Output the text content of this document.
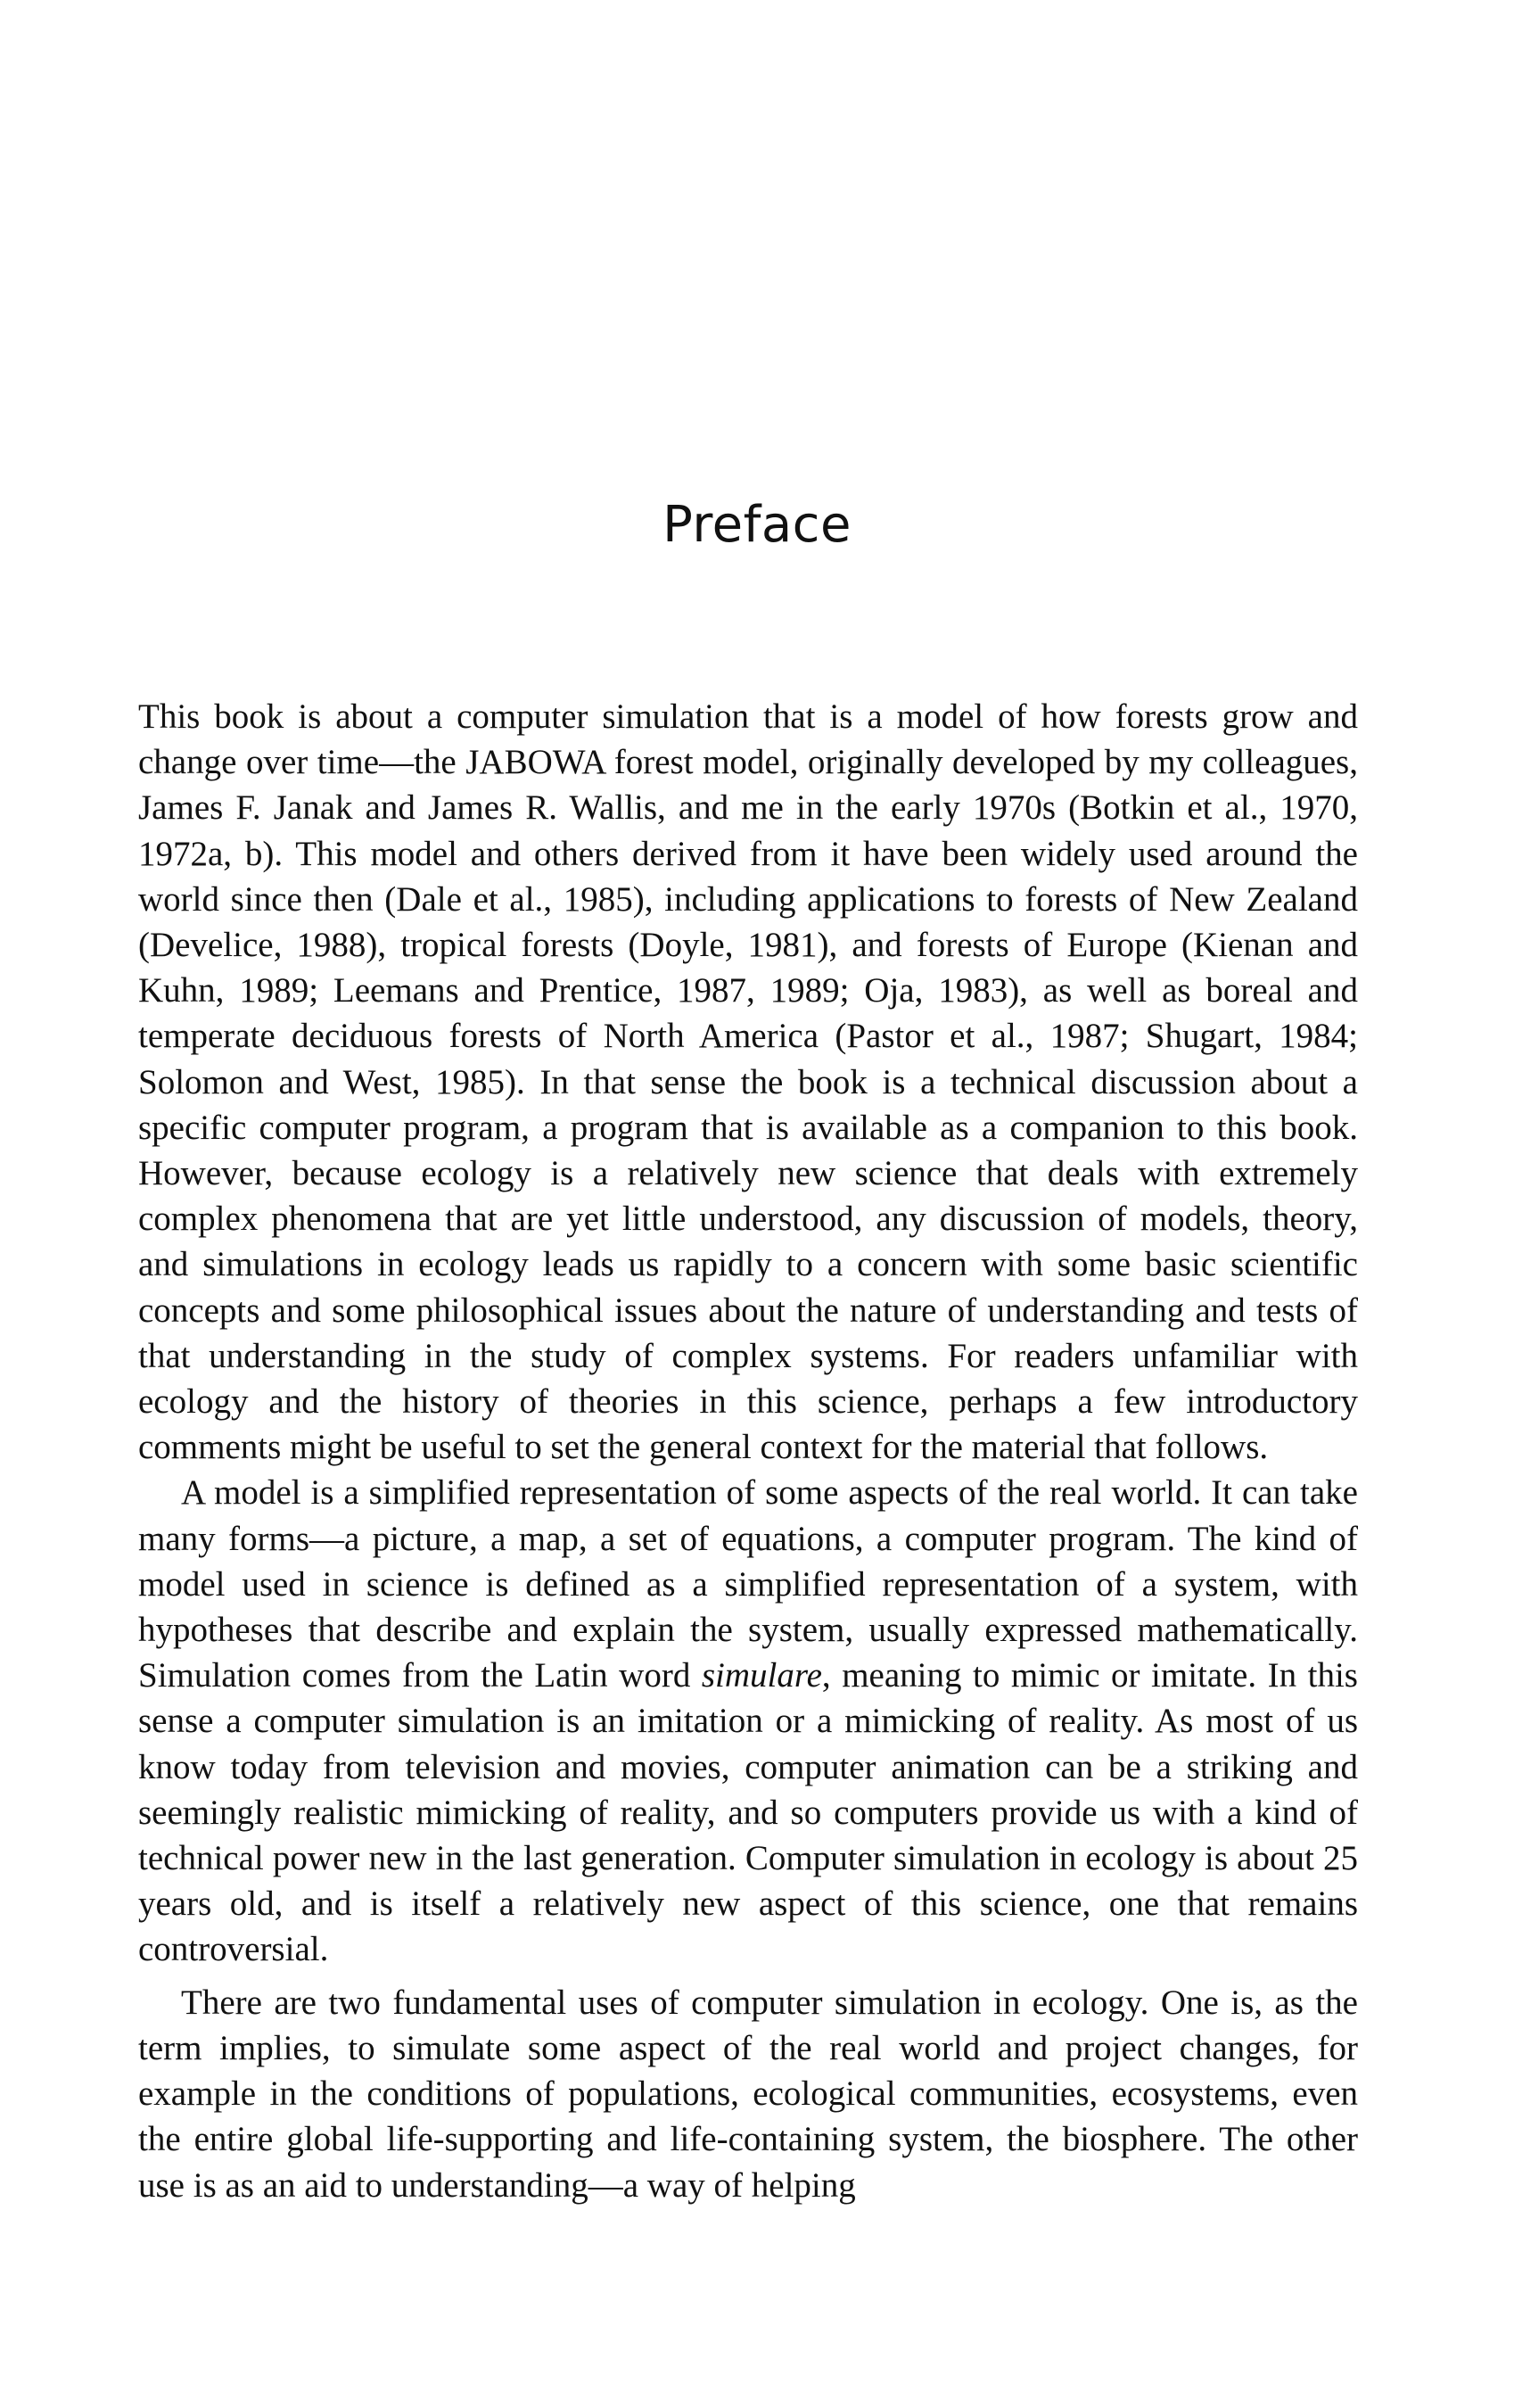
Preface

This book is about a computer simulation that is a model of how forests grow and change over time—the JABOWA forest model, originally developed by my colleagues, James F. Janak and James R. Wallis, and me in the early 1970s (Botkin et al., 1970, 1972a, b). This model and others derived from it have been widely used around the world since then (Dale et al., 1985), including applications to forests of New Zealand (Develice, 1988), tropical forests (Doyle, 1981), and forests of Europe (Kienan and Kuhn, 1989; Leemans and Prentice, 1987, 1989; Oja, 1983), as well as boreal and temperate deciduous forests of North America (Pastor et al., 1987; Shugart, 1984; Solomon and West, 1985). In that sense the book is a technical discussion about a specific computer program, a program that is available as a companion to this book. However, because ecology is a relatively new science that deals with extremely complex phenomena that are yet little understood, any discussion of models, theory, and simulations in ecology leads us rapidly to a concern with some basic scientific concepts and some philosophical issues about the nature of understanding and tests of that understanding in the study of complex systems. For readers unfamiliar with ecology and the history of theories in this science, perhaps a few introductory comments might be useful to set the general context for the material that follows.

A model is a simplified representation of some aspects of the real world. It can take many forms—a picture, a map, a set of equations, a computer program. The kind of model used in science is defined as a simplified representation of a system, with hypotheses that describe and explain the system, usually expressed mathematically. Simulation comes from the Latin word simulare, meaning to mimic or imitate. In this sense a computer simulation is an imitation or a mimicking of reality. As most of us know today from television and movies, computer animation can be a striking and seemingly realistic mimicking of reality, and so computers provide us with a kind of technical power new in the last generation. Computer simulation in ecology is about 25 years old, and is itself a relatively new aspect of this science, one that remains controversial.

There are two fundamental uses of computer simulation in ecology. One is, as the term implies, to simulate some aspect of the real world and project changes, for example in the conditions of populations, ecological communities, ecosystems, even the entire global life-supporting and life-containing system, the biosphere. The other use is as an aid to understanding—a way of helping
